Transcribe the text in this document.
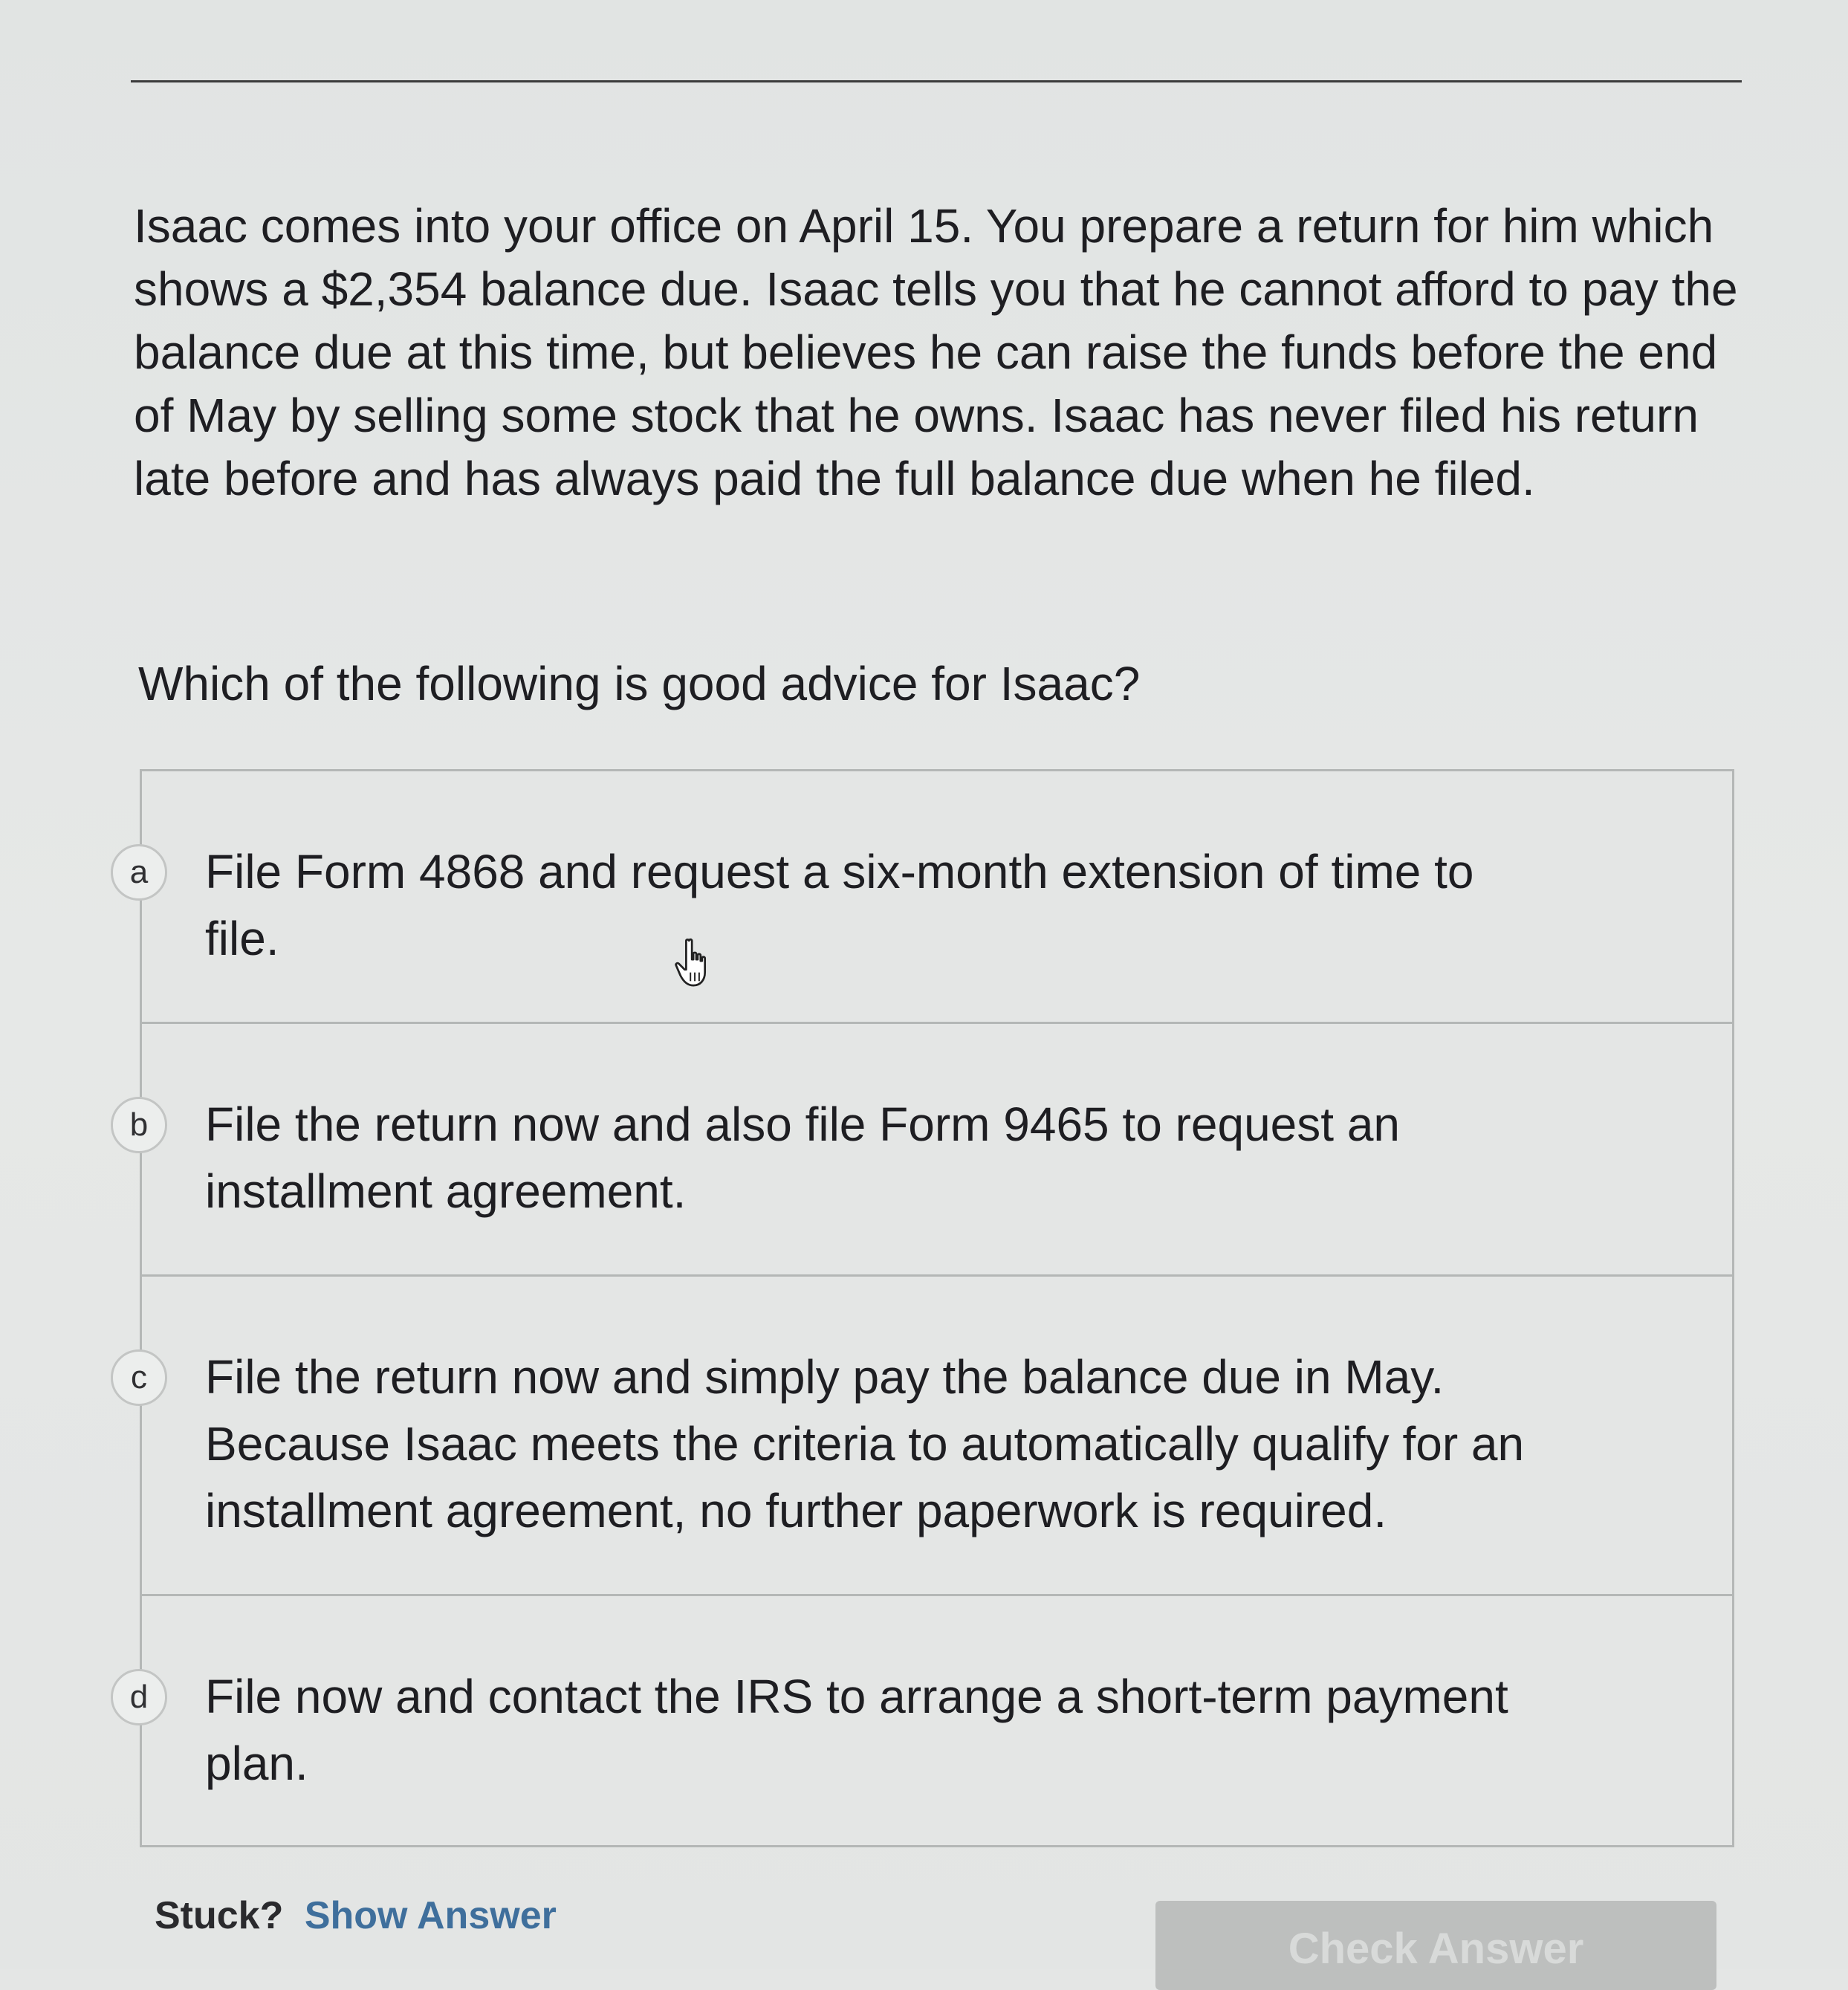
Isaac comes into your office on April 15. You prepare a return for him which shows a $2,354 balance due. Isaac tells you that he cannot afford to pay the balance due at this time, but believes he can raise the funds before the end of May by selling some stock that he owns. Isaac has never filed his return late before and has always paid the full balance due when he filed.

Which of the following is good advice for Isaac?

a	File Form 4868 and request a six-month extension of time to file.
b	File the return now and also file Form 9465 to request an installment agreement.
c	File the return now and simply pay the balance due in May. Because Isaac meets the criteria to automatically qualify for an installment agreement, no further paperwork is required.
d	File now and contact the IRS to arrange a short-term payment plan.
Stuck? Show Answer
Check Answer
